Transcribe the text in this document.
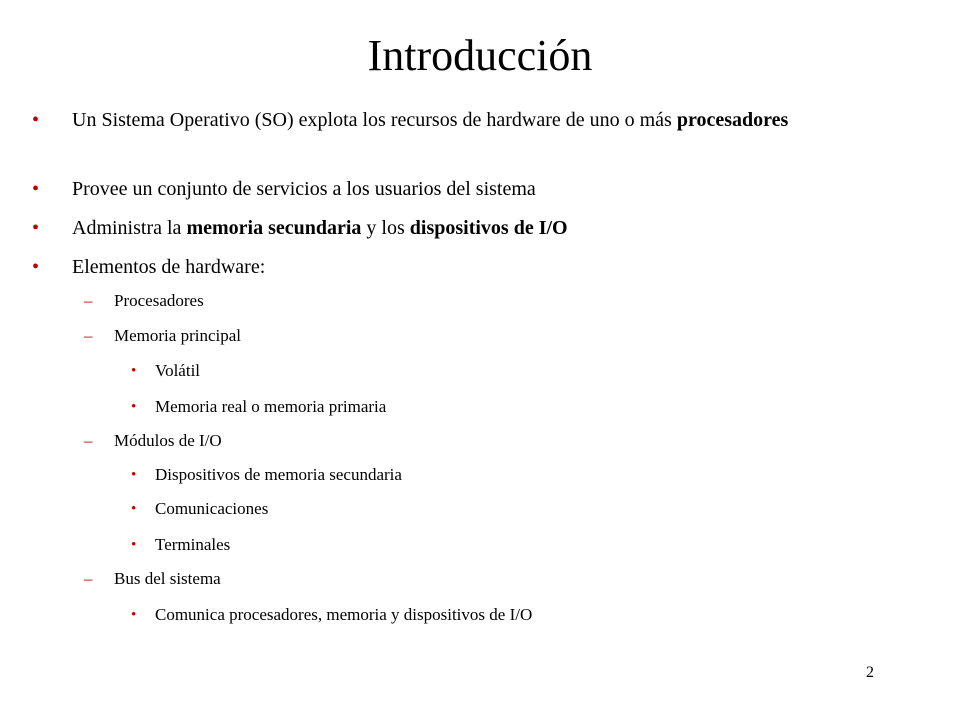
Introducción
• Un Sistema Operativo (SO) explota los recursos de hardware de uno o más procesadores
• Provee un conjunto de servicios a los usuarios del sistema
• Administra la memoria secundaria y los dispositivos de I/O
• Elementos de hardware:
– Procesadores
– Memoria principal
• Volátil
• Memoria real o memoria primaria
– Módulos de I/O
• Dispositivos de memoria secundaria
• Comunicaciones
• Terminales
– Bus del sistema
• Comunica procesadores, memoria y dispositivos de I/O
2
